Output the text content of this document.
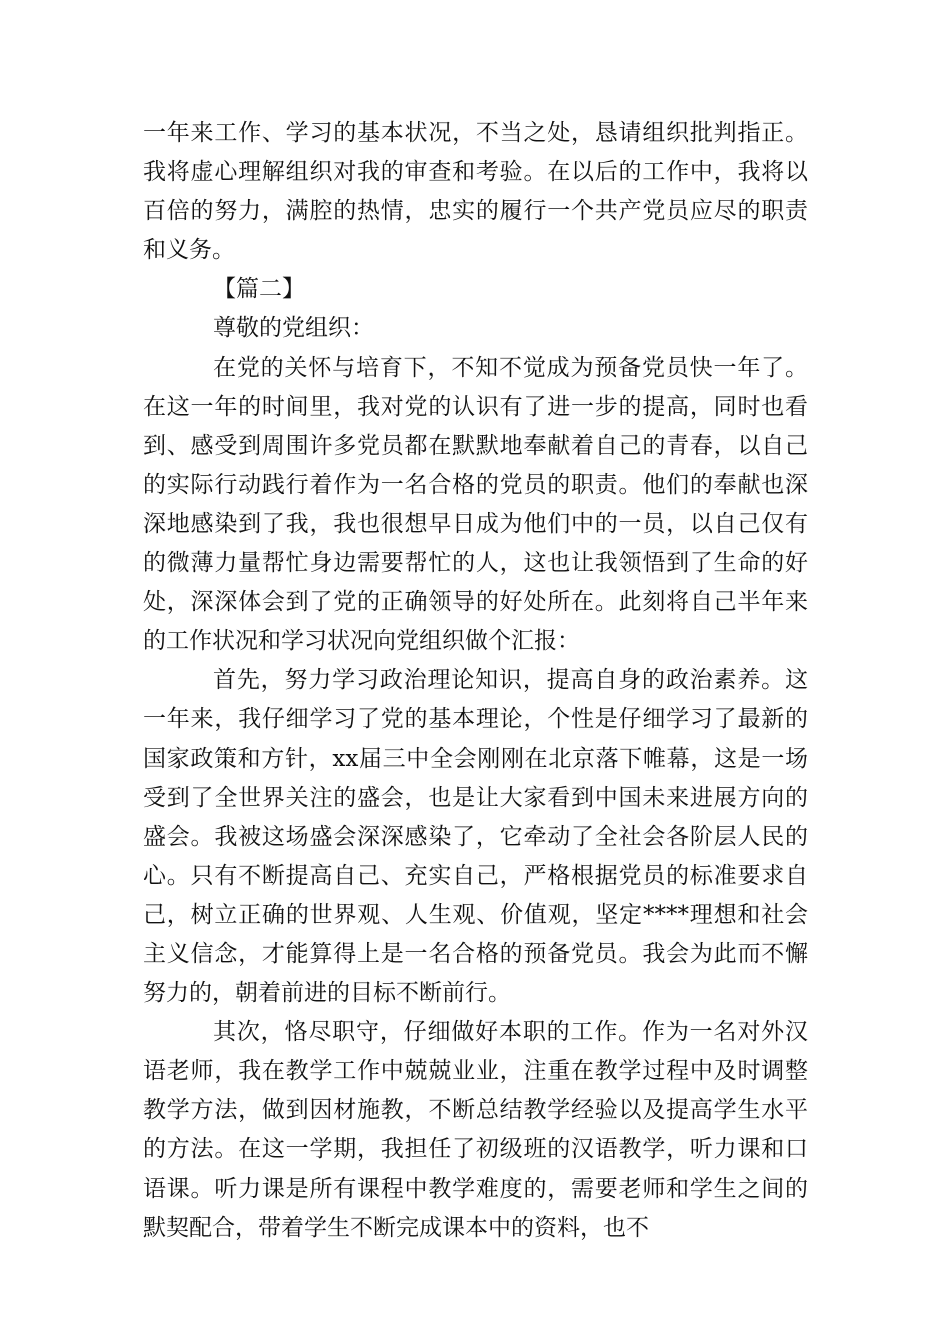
一年来工作、学习的基本状况，不当之处，恳请组织批判指正。我将虚心理解组织对我的审查和考验。在以后的工作中，我将以百倍的努力，满腔的热情，忠实的履行一个共产党员应尽的职责和义务。

【篇二】

尊敬的党组织：

在党的关怀与培育下，不知不觉成为预备党员快一年了。在这一年的时间里，我对党的认识有了进一步的提高，同时也看到、感受到周围许多党员都在默默地奉献着自己的青春，以自己的实际行动践行着作为一名合格的党员的职责。他们的奉献也深深地感染到了我，我也很想早日成为他们中的一员，以自己仅有的微薄力量帮忙身边需要帮忙的人，这也让我领悟到了生命的好处，深深体会到了党的正确领导的好处所在。此刻将自己半年来的工作状况和学习状况向党组织做个汇报：

首先，努力学习政治理论知识，提高自身的政治素养。这一年来，我仔细学习了党的基本理论，个性是仔细学习了最新的国家政策和方针，xx届三中全会刚刚在北京落下帷幕，这是一场受到了全世界关注的盛会，也是让大家看到中国未来进展方向的盛会。我被这场盛会深深感染了，它牵动了全社会各阶层人民的心。只有不断提高自己、充实自己，严格根据党员的标准要求自己，树立正确的世界观、人生观、价值观，坚定****理想和社会主义信念，才能算得上是一名合格的预备党员。我会为此而不懈努力的，朝着前进的目标不断前行。

其次，恪尽职守，仔细做好本职的工作。作为一名对外汉语老师，我在教学工作中兢兢业业，注重在教学过程中及时调整教学方法，做到因材施教，不断总结教学经验以及提高学生水平的方法。在这一学期，我担任了初级班的汉语教学，听力课和口语课。听力课是所有课程中教学难度的，需要老师和学生之间的默契配合，带着学生不断完成课本中的资料，也不
